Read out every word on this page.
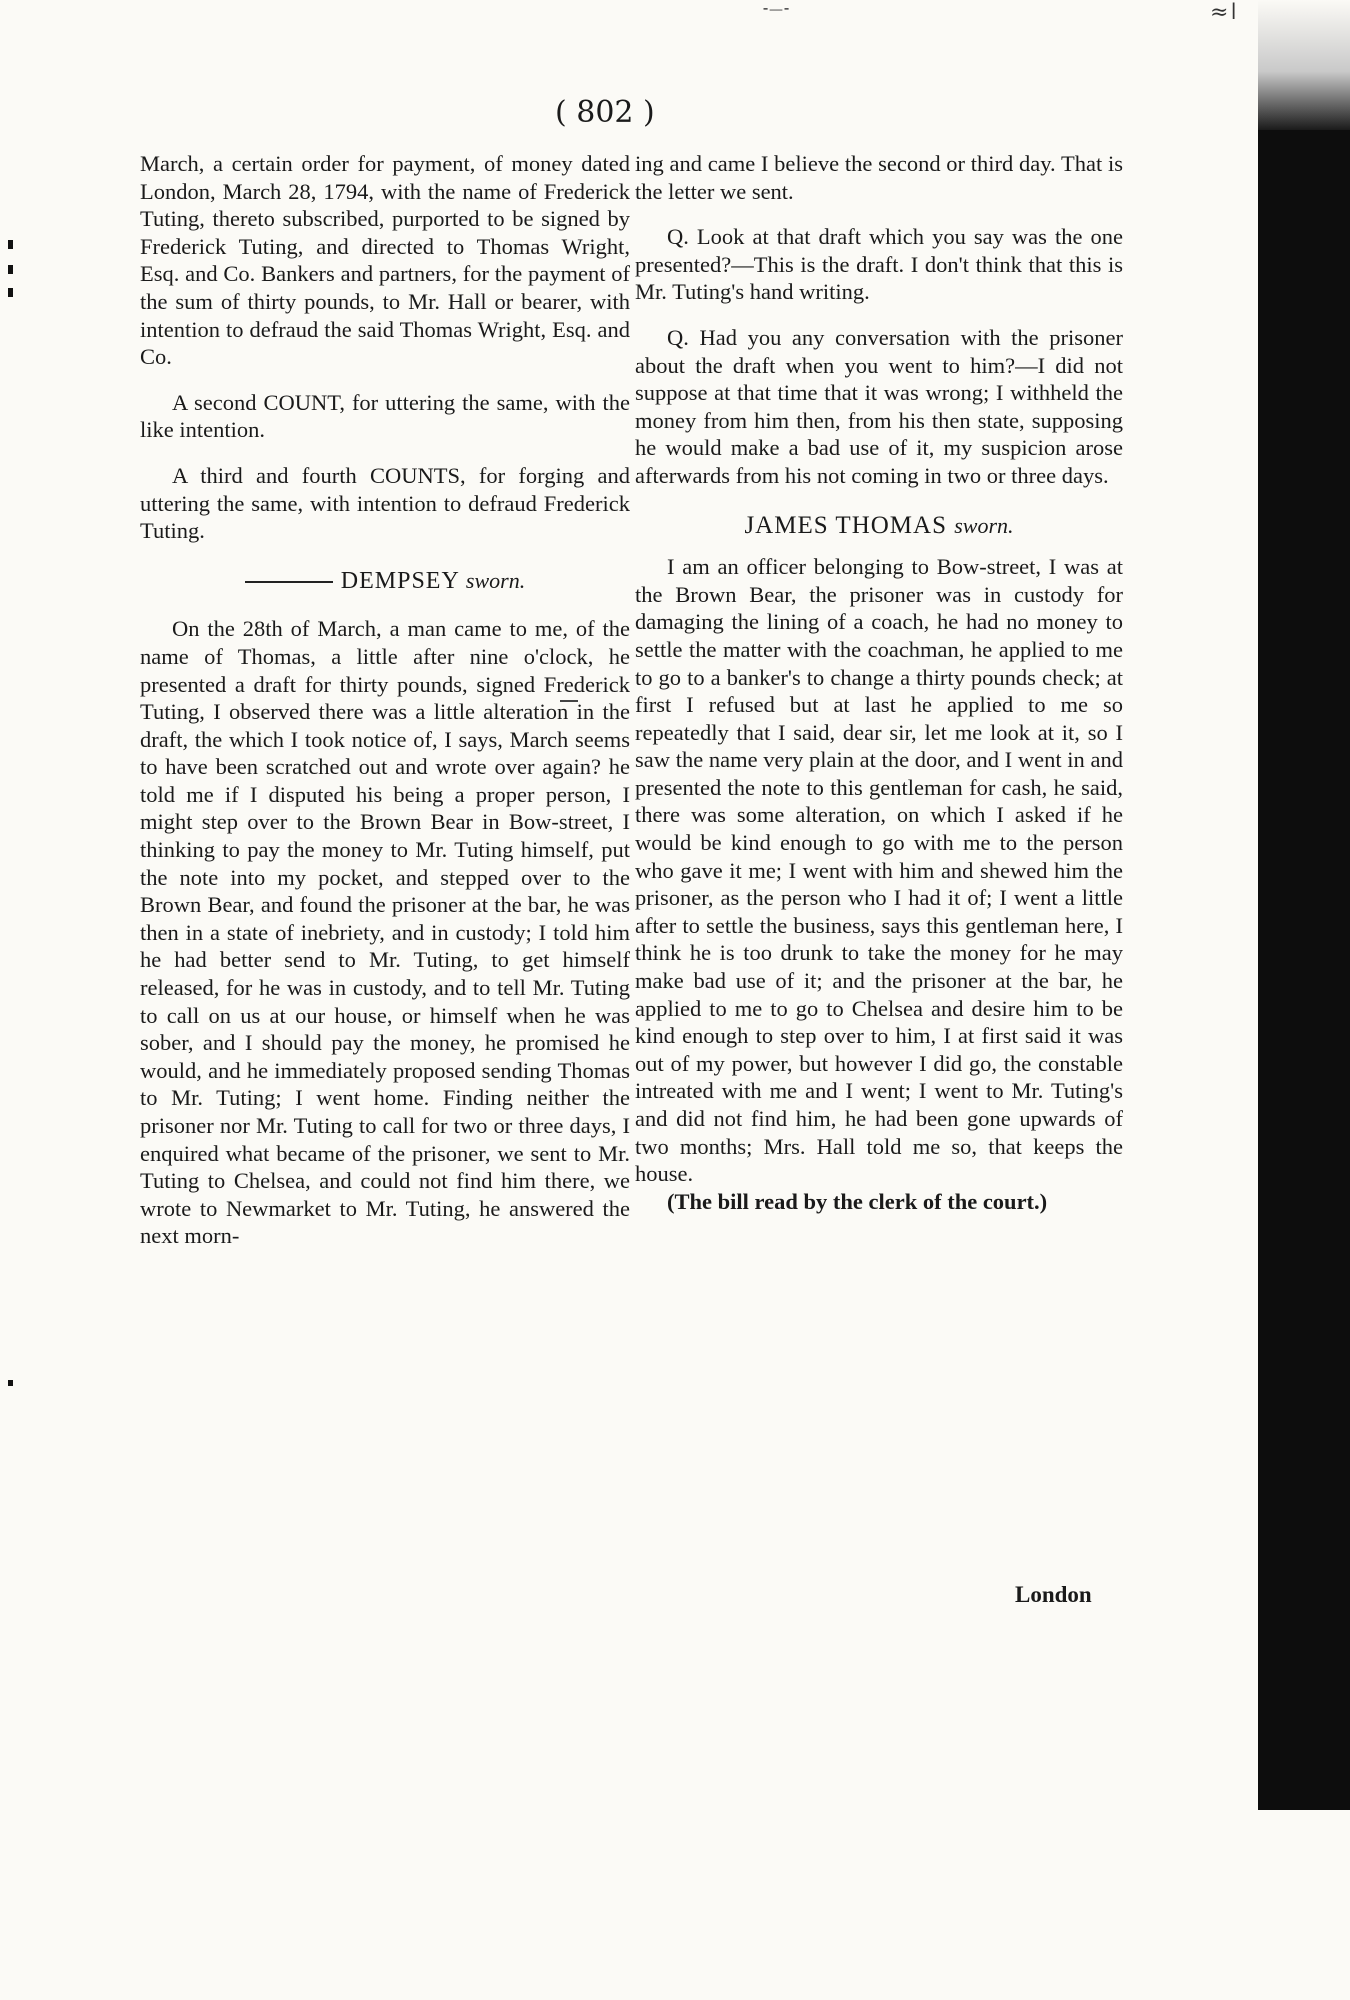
≈ǀ
⁃—⁃
( 802 )

March, a certain order for payment, of money dated London, March 28, 1794, with the name of Frederick Tuting, thereto subscribed, purported to be signed by Frederick Tuting, and directed to Thomas Wright, Esq. and Co. Bankers and partners, for the payment of the sum of thirty pounds, to Mr. Hall or bearer, with intention to defraud the said Thomas Wright, Esq. and Co.

A second COUNT, for uttering the same, with the like intention.

A third and fourth COUNTS, for forging and uttering the same, with intention to defraud Frederick Tuting.

DEMPSEY sworn.

On the 28th of March, a man came to me, of the name of Thomas, a little after nine o'clock, he presented a draft for thirty pounds, signed Frederick Tuting, I observed there was a little alteration in the draft, the which I took notice of, I says, March seems to have been scratched out and wrote over again? he told me if I disputed his being a proper person, I might step over to the Brown Bear in Bow-street, I thinking to pay the money to Mr. Tuting himself, put the note into my pocket, and stepped over to the Brown Bear, and found the prisoner at the bar, he was then in a state of inebriety, and in custody; I told him he had better send to Mr. Tuting, to get himself released, for he was in custody, and to tell Mr. Tuting to call on us at our house, or himself when he was sober, and I should pay the money, he promised he would, and he immediately proposed sending Thomas to Mr. Tuting; I went home. Finding neither the prisoner nor Mr. Tuting to call for two or three days, I enquired what became of the prisoner, we sent to Mr. Tuting to Chelsea, and could not find him there, we wrote to Newmarket to Mr. Tuting, he answered the next morn-

ing and came I believe the second or third day. That is the letter we sent.

Q. Look at that draft which you say was the one presented?—This is the draft. I don't think that this is Mr. Tuting's hand writing.

Q. Had you any conversation with the prisoner about the draft when you went to him?—I did not suppose at that time that it was wrong; I withheld the money from him then, from his then state, supposing he would make a bad use of it, my suspicion arose afterwards from his not coming in two or three days.

JAMES THOMAS sworn.

I am an officer belonging to Bow-street, I was at the Brown Bear, the prisoner was in custody for damaging the lining of a coach, he had no money to settle the matter with the coachman, he applied to me to go to a banker's to change a thirty pounds check; at first I refused but at last he applied to me so repeatedly that I said, dear sir, let me look at it, so I saw the name very plain at the door, and I went in and presented the note to this gentleman for cash, he said, there was some alteration, on which I asked if he would be kind enough to go with me to the person who gave it me; I went with him and shewed him the prisoner, as the person who I had it of; I went a little after to settle the business, says this gentleman here, I think he is too drunk to take the money for he may make bad use of it; and the prisoner at the bar, he applied to me to go to Chelsea and desire him to be kind enough to step over to him, I at first said it was out of my power, but however I did go, the constable intreated with me and I went; I went to Mr. Tuting's and did not find him, he had been gone upwards of two months; Mrs. Hall told me so, that keeps the house.

(The bill read by the clerk of the court.)

London
